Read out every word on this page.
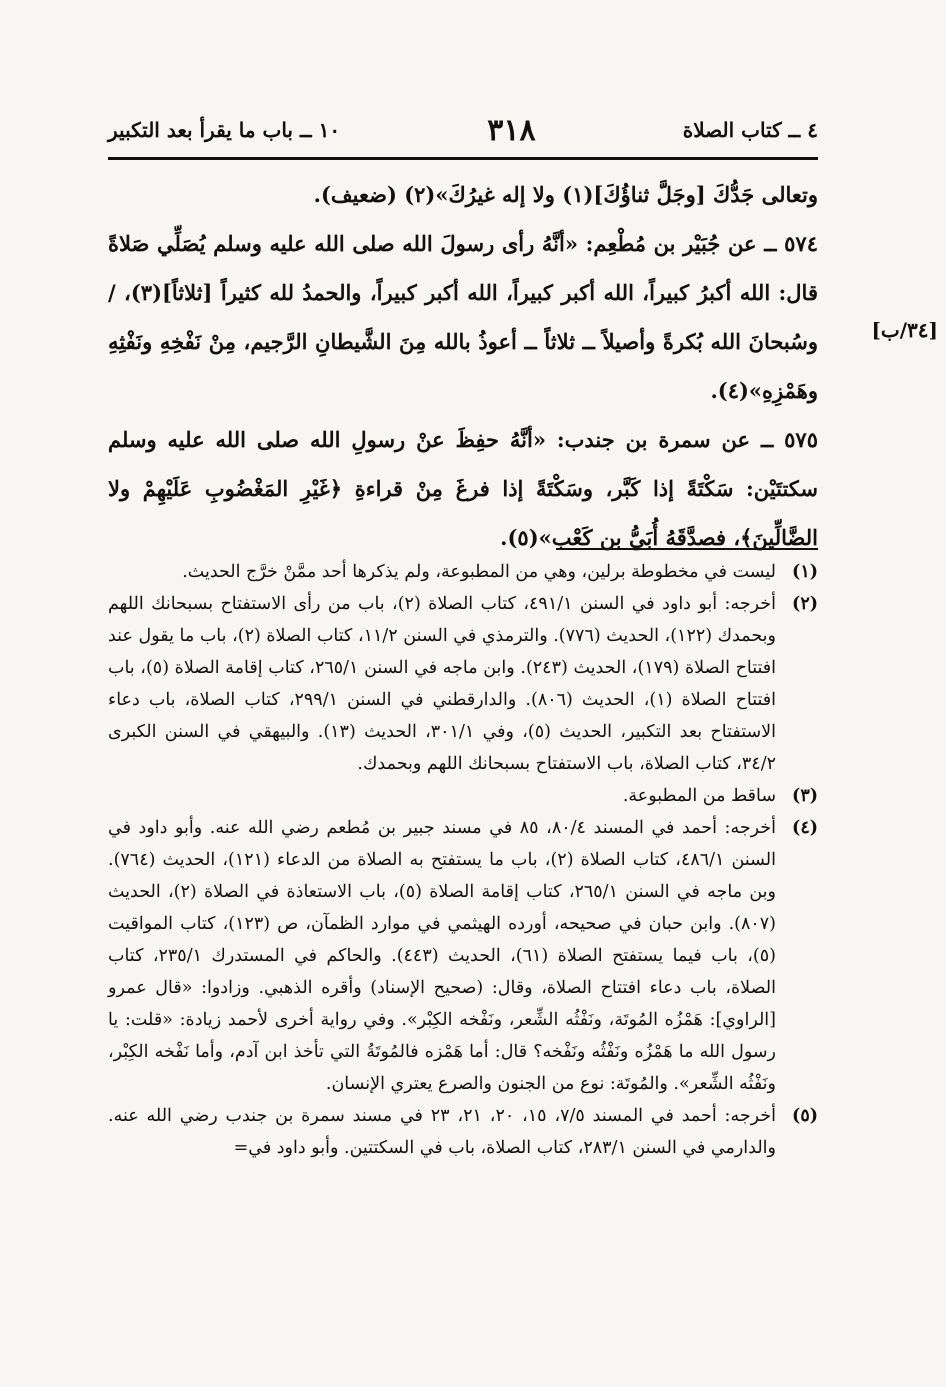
٤ ــ كتاب الصلاة
٣١٨
١٠ ــ باب ما يقرأ بعد التكبير
[٣٤/ب]

وتعالى جَدُّكَ [وجَلَّ ثناؤُكَ](١) ولا إله غيرُكَ»(٢) (ضعيف).

٥٧٤ ــ عن جُبَيْر بن مُطْعِم: «أنَّهُ رأى رسولَ الله صلى الله عليه وسلم يُصَلِّي صَلاةً قال: الله أكبرُ كبيراً، الله أكبر كبيراً، الله أكبر كبيراً، والحمدُ لله كثيراً [ثلاثاً](٣)، / وسُبحانَ الله بُكرةً وأصيلاً ــ ثلاثاً ــ أعوذُ بالله مِنَ الشَّيطانِ الرَّجيم، مِنْ نَفْخِهِ ونَفْثِهِ وهَمْزِهِ»(٤).

٥٧٥ ــ عن سمرة بن جندب: «أنَّهُ حفِظَ عنْ رسولِ الله صلى الله عليه وسلم سكتتَيْن: سَكْتَةً إذا كَبَّر، وسَكْتَةً إذا فرغَ مِنْ قراءةِ ﴿غَيْرِ المَغْضُوبِ عَلَيْهِمْ ولا الضَّالِّينَ﴾، فصدَّقَهُ أُبَيُّ بن كَعْب»(٥).

(١)
ليست في مخطوطة برلين، وهي من المطبوعة، ولم يذكرها أحد ممَّنْ خرَّج الحديث.
(٢)
أخرجه: أبو داود في السنن ٤٩١/١، كتاب الصلاة (٢)، باب من رأى الاستفتاح بسبحانك اللهم وبحمدك (١٢٢)، الحديث (٧٧٦). والترمذي في السنن ١١/٢، كتاب الصلاة (٢)، باب ما يقول عند افتتاح الصلاة (١٧٩)، الحديث (٢٤٣). وابن ماجه في السنن ٢٦٥/١، كتاب إقامة الصلاة (٥)، باب افتتاح الصلاة (١)، الحديث (٨٠٦). والدارقطني في السنن ٢٩٩/١، كتاب الصلاة، باب دعاء الاستفتاح بعد التكبير، الحديث (٥)، وفي ٣٠١/١، الحديث (١٣). والبيهقي في السنن الكبرى ٣٤/٢، كتاب الصلاة، باب الاستفتاح بسبحانك اللهم وبحمدك.
(٣)
ساقط من المطبوعة.
(٤)
أخرجه: أحمد في المسند ٨٠/٤، ٨٥ في مسند جبير بن مُطعم رضي الله عنه. وأبو داود في السنن ٤٨٦/١، كتاب الصلاة (٢)، باب ما يستفتح به الصلاة من الدعاء (١٢١)، الحديث (٧٦٤). وبن ماجه في السنن ٢٦٥/١، كتاب إقامة الصلاة (٥)، باب الاستعاذة في الصلاة (٢)، الحديث (٨٠٧). وابن حبان في صحيحه، أورده الهيثمي في موارد الظمآن، ص (١٢٣)، كتاب المواقيت (٥)، باب فيما يستفتح الصلاة (٦١)، الحديث (٤٤٣). والحاكم في المستدرك ٢٣٥/١، كتاب الصلاة، باب دعاء افتتاح الصلاة، وقال: (صحيح الإسناد) وأقره الذهبي. وزادوا: «قال عمرو [الراوي]: هَمْزُه المُوتَة، ونَفْثُه الشِّعر، ونَفْخه الكِبْر». وفي رواية أخرى لأحمد زيادة: «قلت: يا رسول الله ما هَمْزُه ونَفْثُه ونَفْخه؟ قال: أما هَمْزه فالمُوتَةُ التي تأخذ ابن آدم، وأما نَفْخه الكِبْر، ونَفْثُه الشِّعر». والمُوتَة: نوع من الجنون والصرع يعتري الإنسان.
(٥)
أخرجه: أحمد في المسند ٧/٥، ١٥، ٢٠، ٢١، ٢٣ في مسند سمرة بن جندب رضي الله عنه. والدارمي في السنن ٢٨٣/١، كتاب الصلاة، باب في السكتتين. وأبو داود في=
